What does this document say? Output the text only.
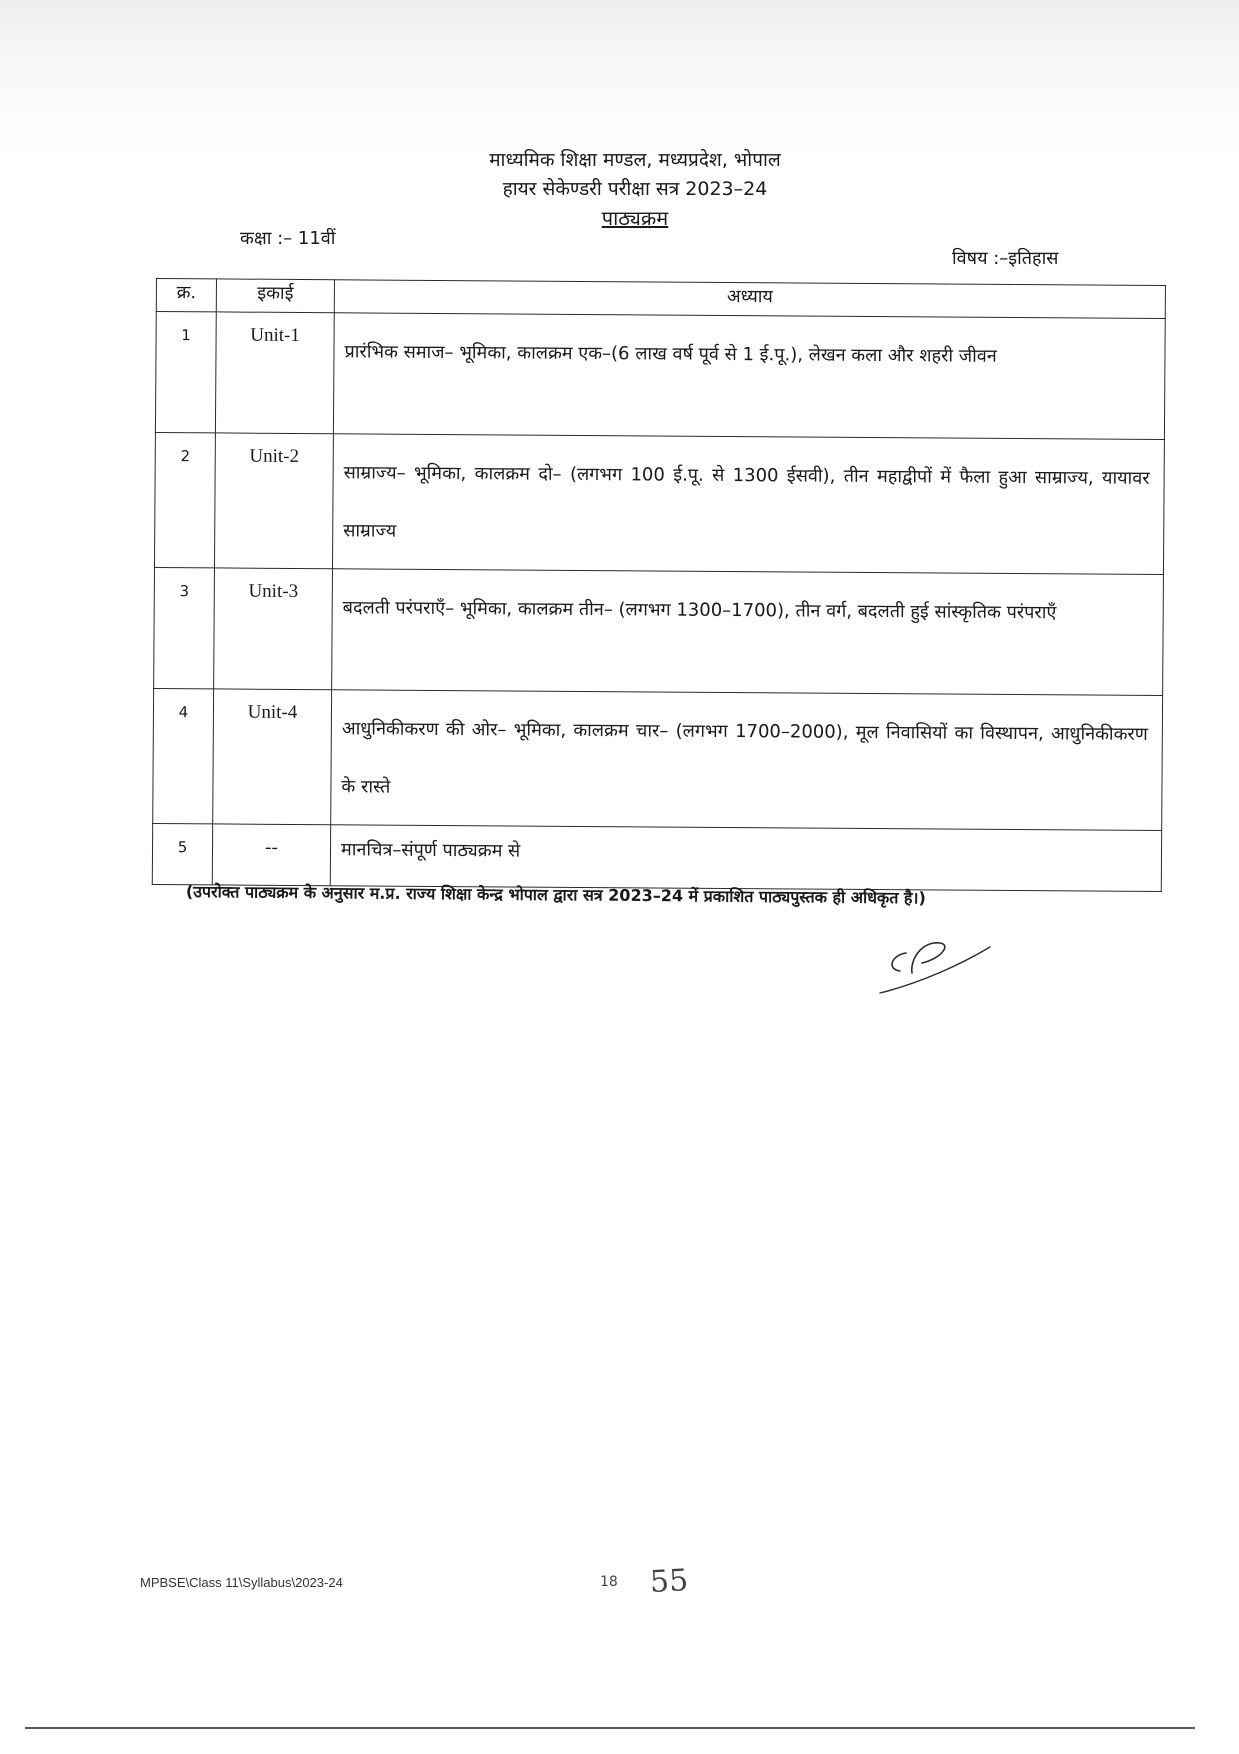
माध्यमिक शिक्षा मण्डल, मध्यप्रदेश, भोपाल
हायर सेकेण्डरी परीक्षा सत्र 2023–24
पाठ्यक्रम
कक्षा :– 11वीं
विषय :–इतिहास
क्र.	इकाई	अध्याय
1	Unit-1	प्रारंभिक समाज– भूमिका, कालक्रम एक–(6 लाख वर्ष पूर्व से 1 ई.पू.), लेखन कला और शहरी जीवन
2	Unit-2	साम्राज्य– भूमिका, कालक्रम दो– (लगभग 100 ई.पू. से 1300 ईसवी), तीन महाद्वीपों में फैला हुआ साम्राज्य, यायावर साम्राज्य
3	Unit-3	बदलती परंपराएँ– भूमिका, कालक्रम तीन– (लगभग 1300–1700), तीन वर्ग, बदलती हुई सांस्कृतिक परंपराएँ
4	Unit-4	आधुनिकीकरण की ओर– भूमिका, कालक्रम चार– (लगभग 1700–2000), मूल निवासियों का विस्थापन, आधुनिकीकरण के रास्ते
5	--	मानचित्र–संपूर्ण पाठ्यक्रम से
(उपरोक्त पाठ्यक्रम के अनुसार म.प्र. राज्य शिक्षा केन्द्र भोपाल द्वारा सत्र 2023–24 में प्रकाशित पाठ्यपुस्तक ही अधिकृत है।)
MPBSE\Class 11\Syllabus\2023-24	18 55
